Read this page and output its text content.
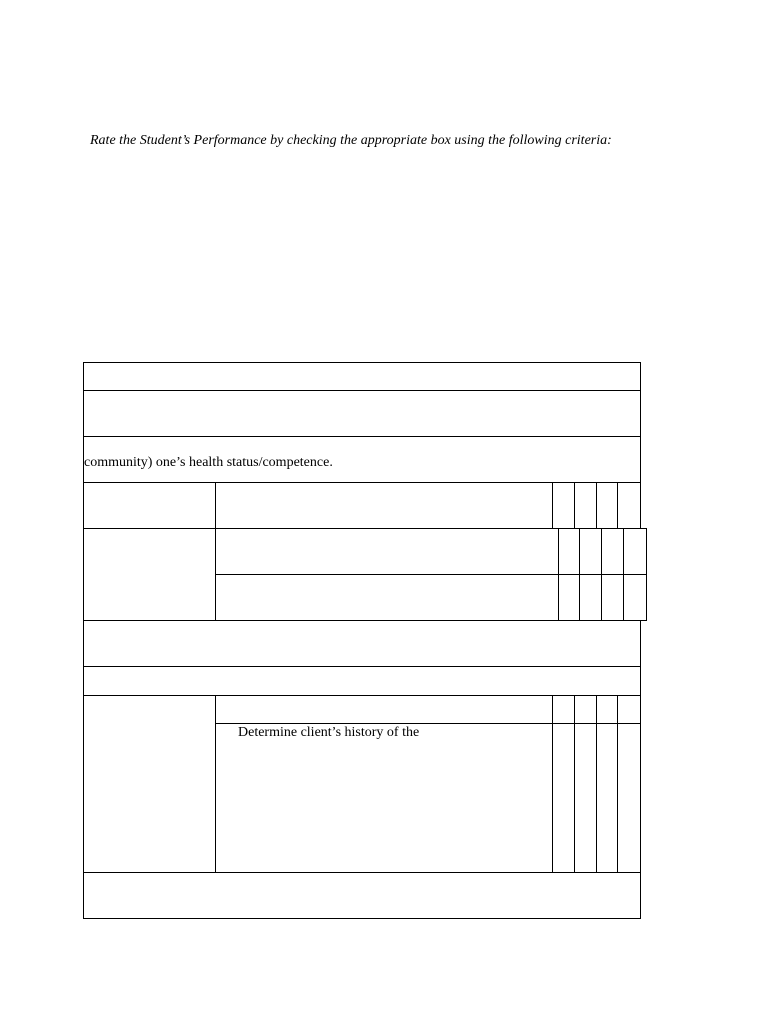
Rate the Student’s Performance by checking the appropriate box using the following criteria:
community) one’s health status/competence.
Determine client’s history of the
